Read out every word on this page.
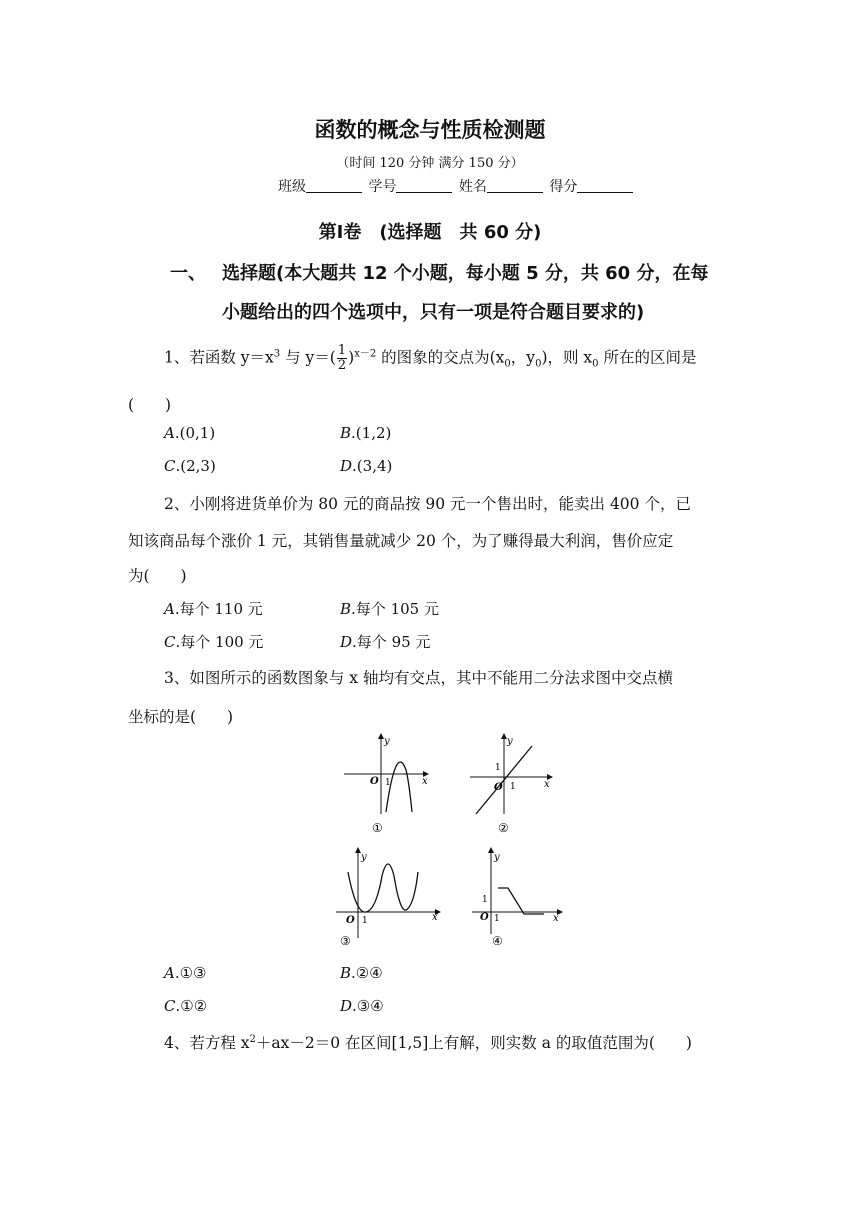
函数的概念与性质检测题
（时间 120 分钟 满分 150 分）
班级	学号	姓名	得分
第Ⅰ卷　(选择题　共 60 分)
一、 选择题(本大题共 12 个小题，每小题 5 分，共 60 分，在每
小题给出的四个选项中，只有一项是符合题目要求的)
1、若函数 $y=x^3$ 与 $y=( \frac{1}{2} )^{x-2}$ 的图象的交点为($x_0$，$y_0$)，则 $x_0$ 所在的区间是
(　　)
A.(0,1)	B.(1,2)
C.(2,3)	D.(3,4)
2、小刚将进货单价为 80 元的商品按 90 元一个售出时，能卖出 400 个，已
知该商品每个涨价 1 元，其销售量就减少 20 个，为了赚得最大利润，售价应定
为(　　)
A.每个 110 元	B.每个 105 元
C.每个 100 元	D.每个 95 元
3、如图所示的函数图象与 x 轴均有交点，其中不能用二分法求图中交点横
坐标的是(　　)
y
x
O 1
①
y
x
O
1
1
②
y
x
O 1
③
y
x
O
1
1
④
A.①③	B.②④
C.①②	D.③④
4、若方程 $x^2+ax-2=0$ 在区间[1,5]上有解，则实数 a 的取值范围为(　　)
